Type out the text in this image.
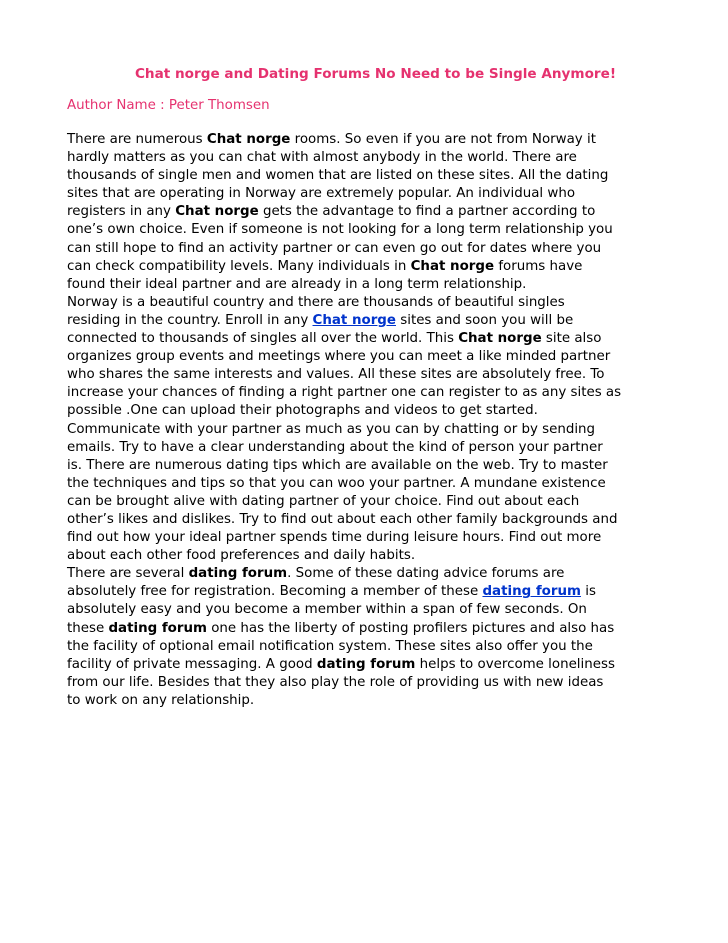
Chat norge and Dating Forums No Need to be Single Anymore!

Author Name : Peter Thomsen

There are numerous Chat norge rooms. So even if you are not from Norway it
hardly matters as you can chat with almost anybody in the world. There are
thousands of single men and women that are listed on these sites. All the dating
sites that are operating in Norway are extremely popular. An individual who
registers in any Chat norge gets the advantage to find a partner according to
one’s own choice. Even if someone is not looking for a long term relationship you
can still hope to find an activity partner or can even go out for dates where you
can check compatibility levels. Many individuals in Chat norge forums have
found their ideal partner and are already in a long term relationship.
Norway is a beautiful country and there are thousands of beautiful singles
residing in the country. Enroll in any Chat norge sites and soon you will be
connected to thousands of singles all over the world. This Chat norge site also
organizes group events and meetings where you can meet a like minded partner
who shares the same interests and values. All these sites are absolutely free. To
increase your chances of finding a right partner one can register to as any sites as
possible .One can upload their photographs and videos to get started.
Communicate with your partner as much as you can by chatting or by sending
emails. Try to have a clear understanding about the kind of person your partner
is. There are numerous dating tips which are available on the web. Try to master
the techniques and tips so that you can woo your partner. A mundane existence
can be brought alive with dating partner of your choice. Find out about each
other’s likes and dislikes. Try to find out about each other family backgrounds and
find out how your ideal partner spends time during leisure hours. Find out more
about each other food preferences and daily habits.
There are several dating forum. Some of these dating advice forums are
absolutely free for registration. Becoming a member of these dating forum is
absolutely easy and you become a member within a span of few seconds. On
these dating forum one has the liberty of posting profilers pictures and also has
the facility of optional email notification system. These sites also offer you the
facility of private messaging. A good dating forum helps to overcome loneliness
from our life. Besides that they also play the role of providing us with new ideas
to work on any relationship.
